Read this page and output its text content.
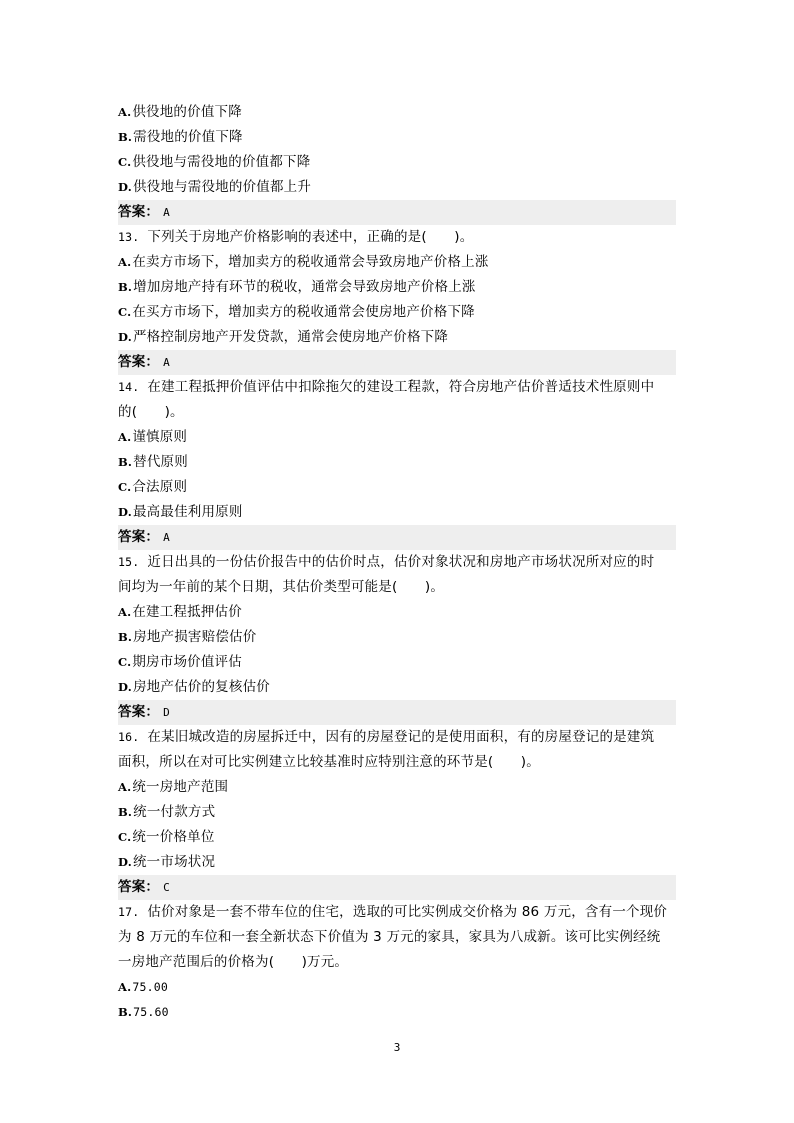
A.供役地的价值下降
B.需役地的价值下降
C.供役地与需役地的价值都下降
D.供役地与需役地的价值都上升
答案： A
13. 下列关于房地产价格影响的表述中，正确的是(　　)。
A.在卖方市场下，增加卖方的税收通常会导致房地产价格上涨
B.增加房地产持有环节的税收，通常会导致房地产价格上涨
C.在买方市场下，增加卖方的税收通常会使房地产价格下降
D.严格控制房地产开发贷款，通常会使房地产价格下降
答案： A
14. 在建工程抵押价值评估中扣除拖欠的建设工程款，符合房地产估价普适技术性原则中
的(　　)。
A.谨慎原则
B.替代原则
C.合法原则
D.最高最佳利用原则
答案： A
15. 近日出具的一份估价报告中的估价时点，估价对象状况和房地产市场状况所对应的时
间均为一年前的某个日期，其估价类型可能是(　　)。
A.在建工程抵押估价
B.房地产损害赔偿估价
C.期房市场价值评估
D.房地产估价的复核估价
答案： D
16. 在某旧城改造的房屋拆迁中，因有的房屋登记的是使用面积，有的房屋登记的是建筑
面积，所以在对可比实例建立比较基准时应特别注意的环节是(　　)。
A.统一房地产范围
B.统一付款方式
C.统一价格单位
D.统一市场状况
答案： C
17. 估价对象是一套不带车位的住宅，选取的可比实例成交价格为 86 万元，含有一个现价
为 8 万元的车位和一套全新状态下价值为 3 万元的家具，家具为八成新。该可比实例经统
一房地产范围后的价格为(　　)万元。
A.75.00
B.75.60
3
